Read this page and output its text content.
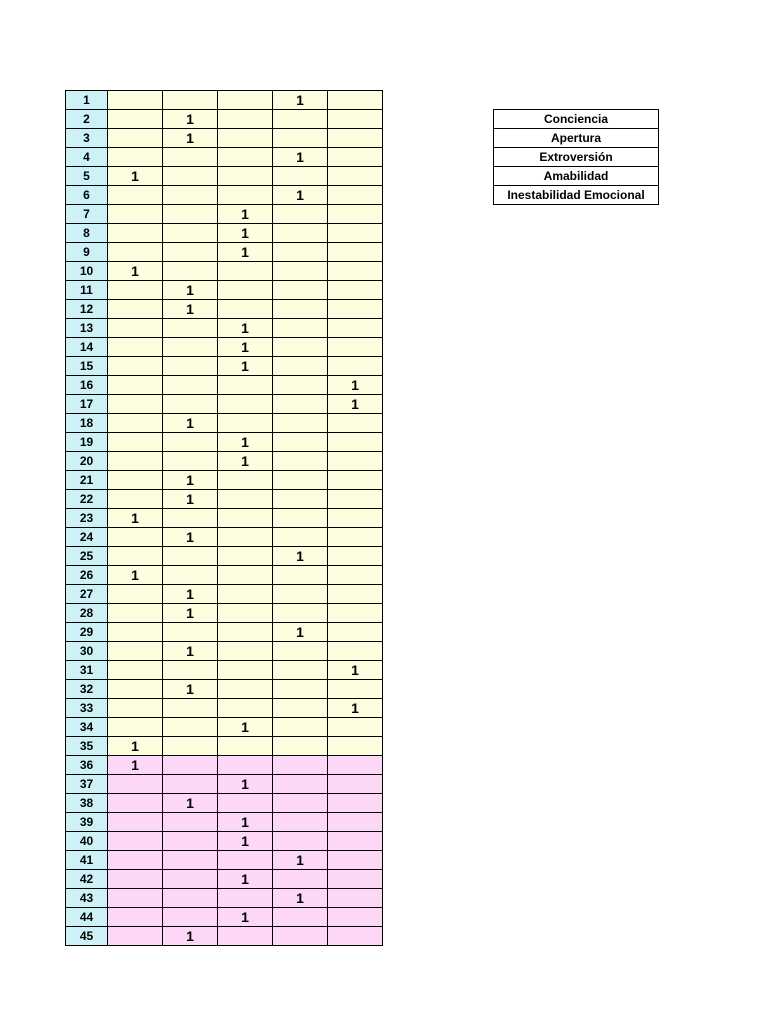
1				1	
2		1			
3		1			
4				1	
5	1				
6				1	
7			1		
8			1		
9			1		
10	1				
11		1			
12		1			
13			1		
14			1		
15			1		
16					1
17					1
18		1			
19			1		
20			1		
21		1			
22		1			
23	1				
24		1			
25				1	
26	1				
27		1			
28		1			
29				1	
30		1			
31					1
32		1			
33					1
34			1		
35	1				
36	1				
37			1		
38		1			
39			1		
40			1		
41				1	
42			1		
43				1	
44			1		
45		1			
Conciencia
Apertura
Extroversión
Amabilidad
Inestabilidad Emocional
